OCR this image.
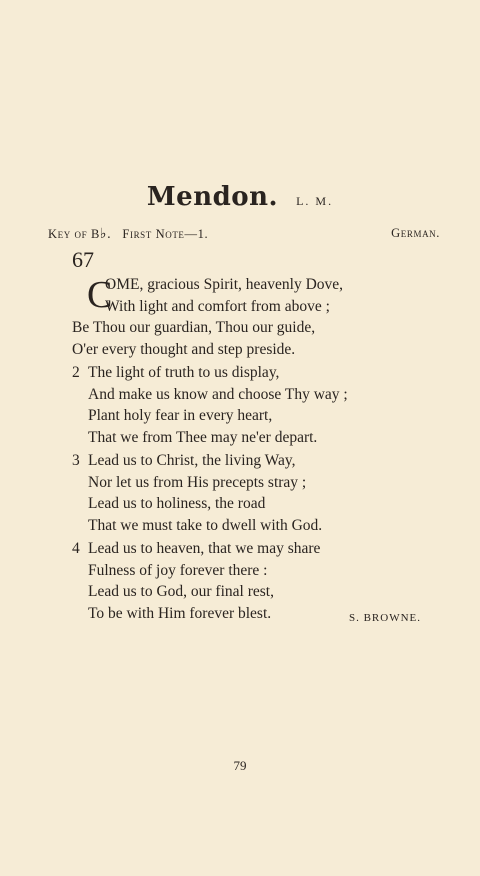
Mendon. L. M.
Key of B♭. First Note—1.	German.
67
C
OME, gracious Spirit, heavenly Dove,
With light and comfort from above ;
Be Thou our guardian, Thou our guide,
O'er every thought and step preside.
2 The light of truth to us display,
And make us know and choose Thy way ;
Plant holy fear in every heart,
That we from Thee may ne'er depart.
3 Lead us to Christ, the living Way,
Nor let us from His precepts stray ;
Lead us to holiness, the road
That we must take to dwell with God.
4 Lead us to heaven, that we may share
Fulness of joy forever there :
Lead us to God, our final rest,
To be with Him forever blest.	S. BROWNE.
79
